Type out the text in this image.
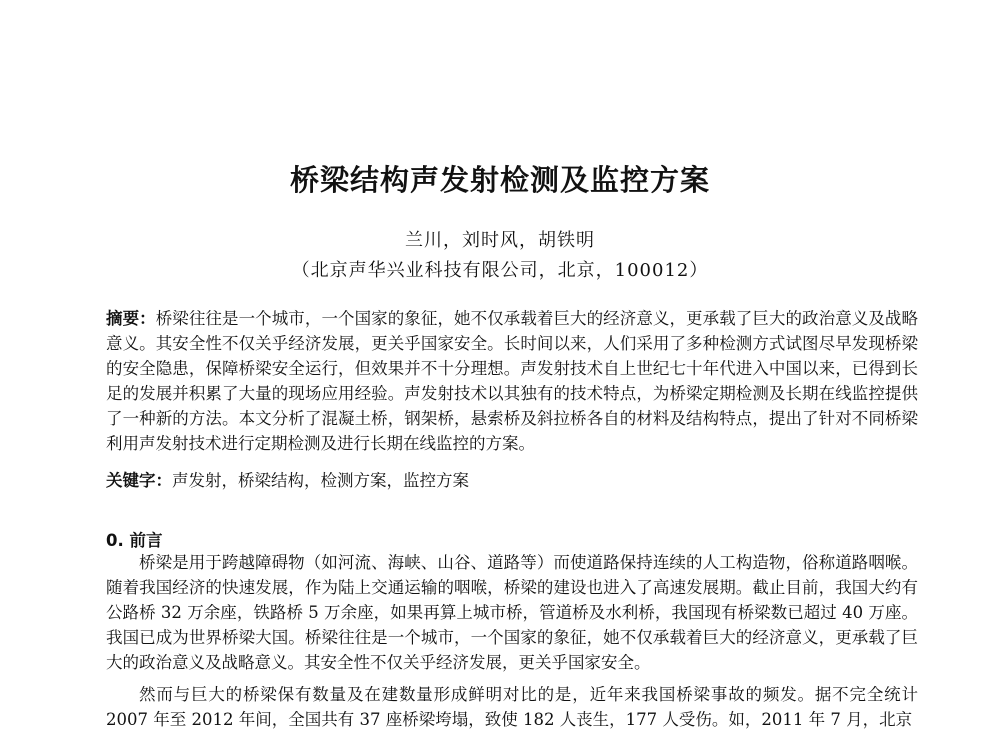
桥梁结构声发射检测及监控方案
兰川，刘时风，胡铁明
（北京声华兴业科技有限公司，北京，100012）
摘要：桥梁往往是一个城市，一个国家的象征，她不仅承载着巨大的经济意义，更承载了巨大的政治意义及战略意义。其安全性不仅关乎经济发展，更关乎国家安全。长时间以来，人们采用了多种检测方式试图尽早发现桥梁的安全隐患，保障桥梁安全运行，但效果并不十分理想。声发射技术自上世纪七十年代进入中国以来，已得到长足的发展并积累了大量的现场应用经验。声发射技术以其独有的技术特点，为桥梁定期检测及长期在线监控提供了一种新的方法。本文分析了混凝土桥，钢架桥，悬索桥及斜拉桥各自的材料及结构特点，提出了针对不同桥梁利用声发射技术进行定期检测及进行长期在线监控的方案。
关键字：声发射，桥梁结构，检测方案，监控方案
0. 前言
桥梁是用于跨越障碍物（如河流、海峡、山谷、道路等）而使道路保持连续的人工构造物，俗称道路咽喉。随着我国经济的快速发展，作为陆上交通运输的咽喉，桥梁的建设也进入了高速发展期。截止目前，我国大约有公路桥 32 万余座，铁路桥 5 万余座，如果再算上城市桥，管道桥及水利桥，我国现有桥梁数已超过 40 万座。我国已成为世界桥梁大国。桥梁往往是一个城市，一个国家的象征，她不仅承载着巨大的经济意义，更承载了巨大的政治意义及战略意义。其安全性不仅关乎经济发展，更关乎国家安全。
然而与巨大的桥梁保有数量及在建数量形成鲜明对比的是，近年来我国桥梁事故的频发。据不完全统计 2007 年至 2012 年间，全国共有 37 座桥梁垮塌，致使 182 人丧生，177 人受伤。如，2011 年 7 月，北京
